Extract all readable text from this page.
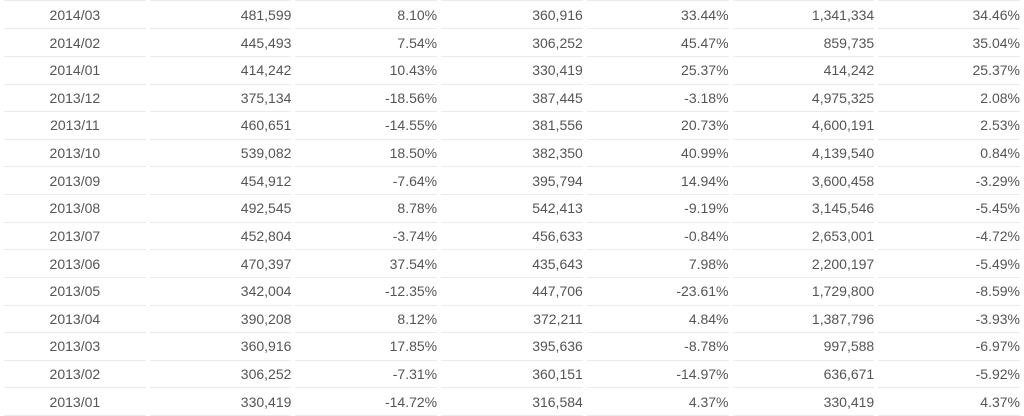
2014/03	481,599	8.10%	360,916	33.44%	1,341,334	34.46%
2014/02	445,493	7.54%	306,252	45.47%	859,735	35.04%
2014/01	414,242	10.43%	330,419	25.37%	414,242	25.37%
2013/12	375,134	-18.56%	387,445	-3.18%	4,975,325	2.08%
2013/11	460,651	-14.55%	381,556	20.73%	4,600,191	2.53%
2013/10	539,082	18.50%	382,350	40.99%	4,139,540	0.84%
2013/09	454,912	-7.64%	395,794	14.94%	3,600,458	-3.29%
2013/08	492,545	8.78%	542,413	-9.19%	3,145,546	-5.45%
2013/07	452,804	-3.74%	456,633	-0.84%	2,653,001	-4.72%
2013/06	470,397	37.54%	435,643	7.98%	2,200,197	-5.49%
2013/05	342,004	-12.35%	447,706	-23.61%	1,729,800	-8.59%
2013/04	390,208	8.12%	372,211	4.84%	1,387,796	-3.93%
2013/03	360,916	17.85%	395,636	-8.78%	997,588	-6.97%
2013/02	306,252	-7.31%	360,151	-14.97%	636,671	-5.92%
2013/01	330,419	-14.72%	316,584	4.37%	330,419	4.37%
